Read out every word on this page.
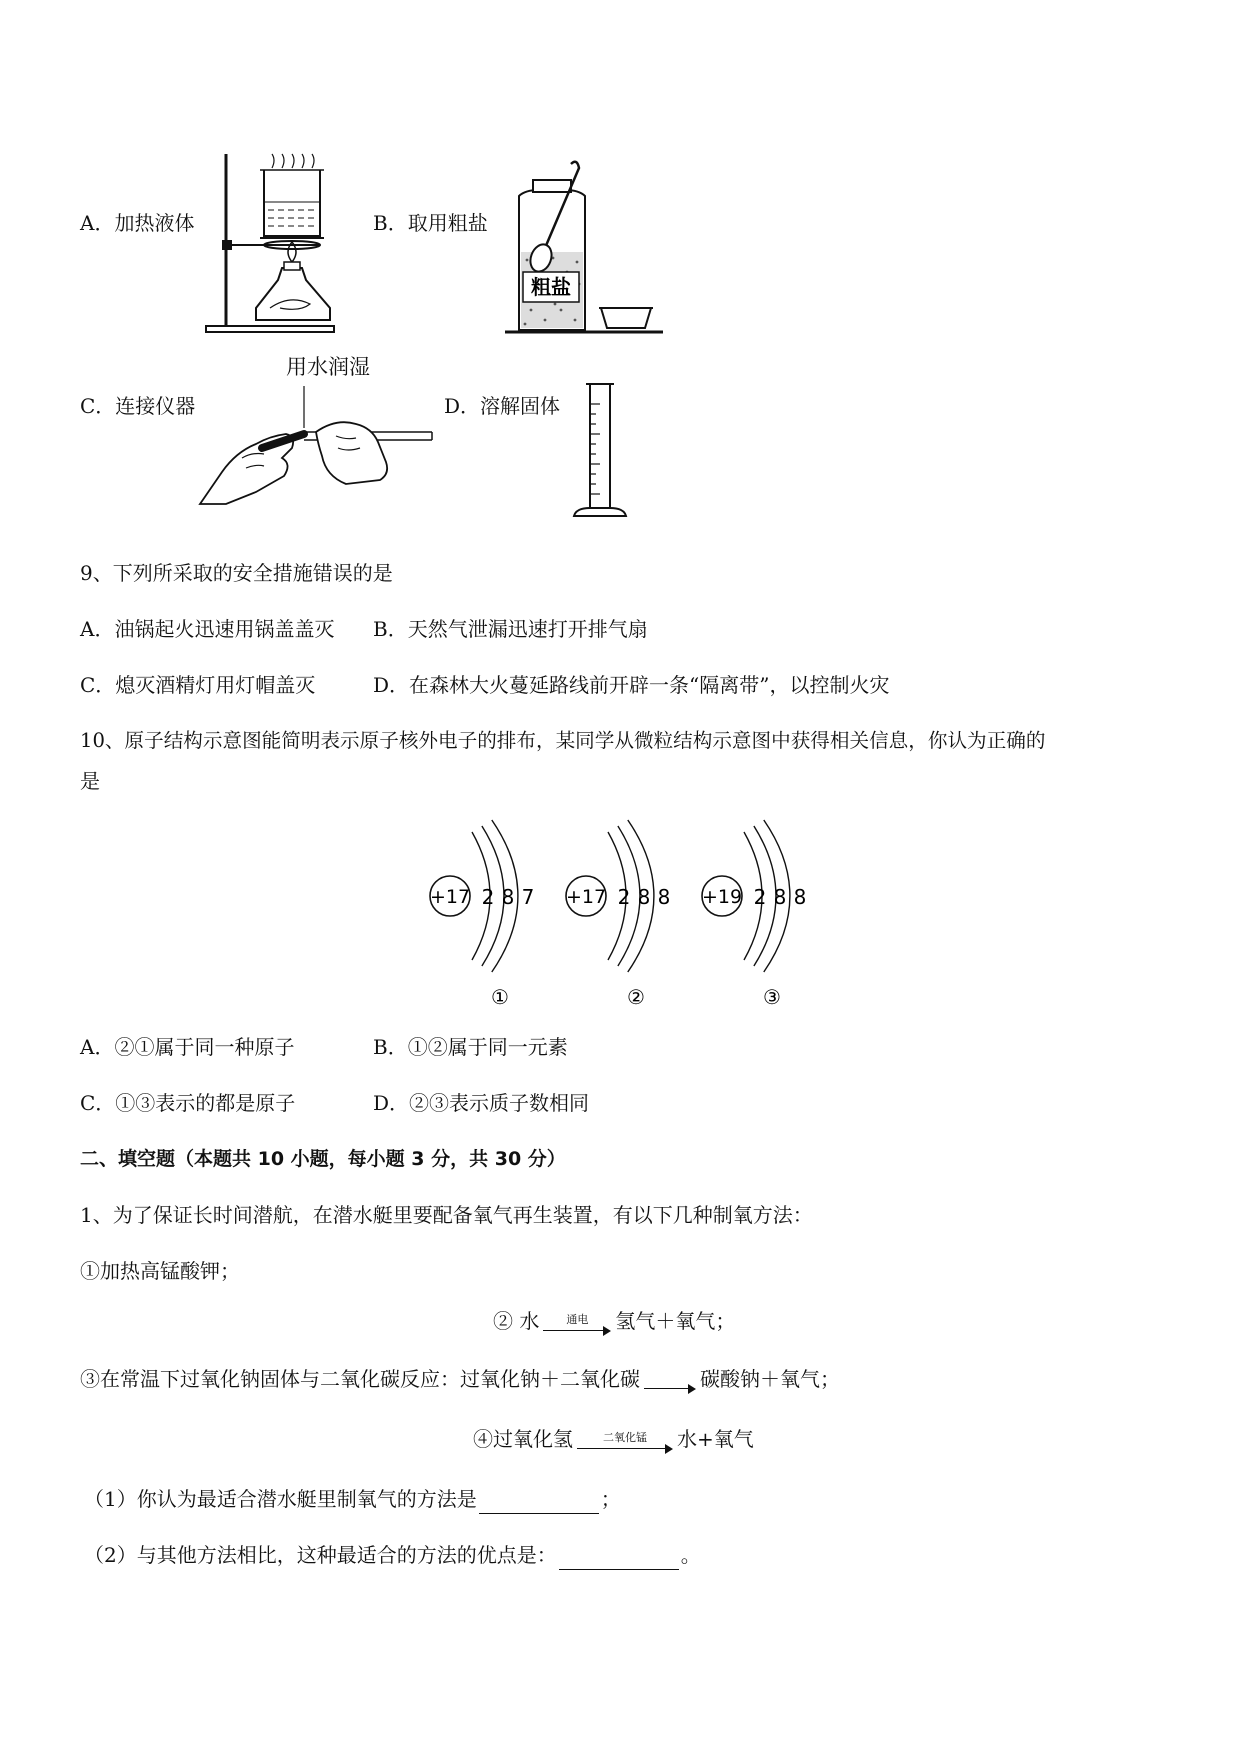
A．加热液体	B．取用粗盐
粗盐
C．连接仪器
用水润湿
D．溶解固体
9、下列所采取的安全措施错误的是
A．油锅起火迅速用锅盖盖灭 B．天然气泄漏迅速打开排气扇
C．熄灭酒精灯用灯帽盖灭	D．在森林大火蔓延路线前开辟一条“隔离带”，以控制火灾
10、原子结构示意图能简明表示原子核外电子的排布，某同学从微粒结构示意图中获得相关信息，你认为正确的
是
+17 2 8 7
①
+17 2 8 8
②
+19 2 8 8
③
A．②①属于同一种原子	B．①②属于同一元素
C．①③表示的都是原子	D．②③表示质子数相同
二、填空题（本题共 10 小题，每小题 3 分，共 30 分）
1、为了保证长时间潜航，在潜水艇里要配备氧气再生装置，有以下几种制氧方法：
①加热高锰酸钾；
② 水 通电 氢气＋氧气；
③在常温下过氧化钠固体与二氧化碳反应：过氧化钠＋二氧化碳	碳酸钠＋氧气；
④过氧化氢	二氧化锰 水+氧气
（1）你认为最适合潜水艇里制氧气的方法是	；
（2）与其他方法相比，这种最适合的方法的优点是：	。
